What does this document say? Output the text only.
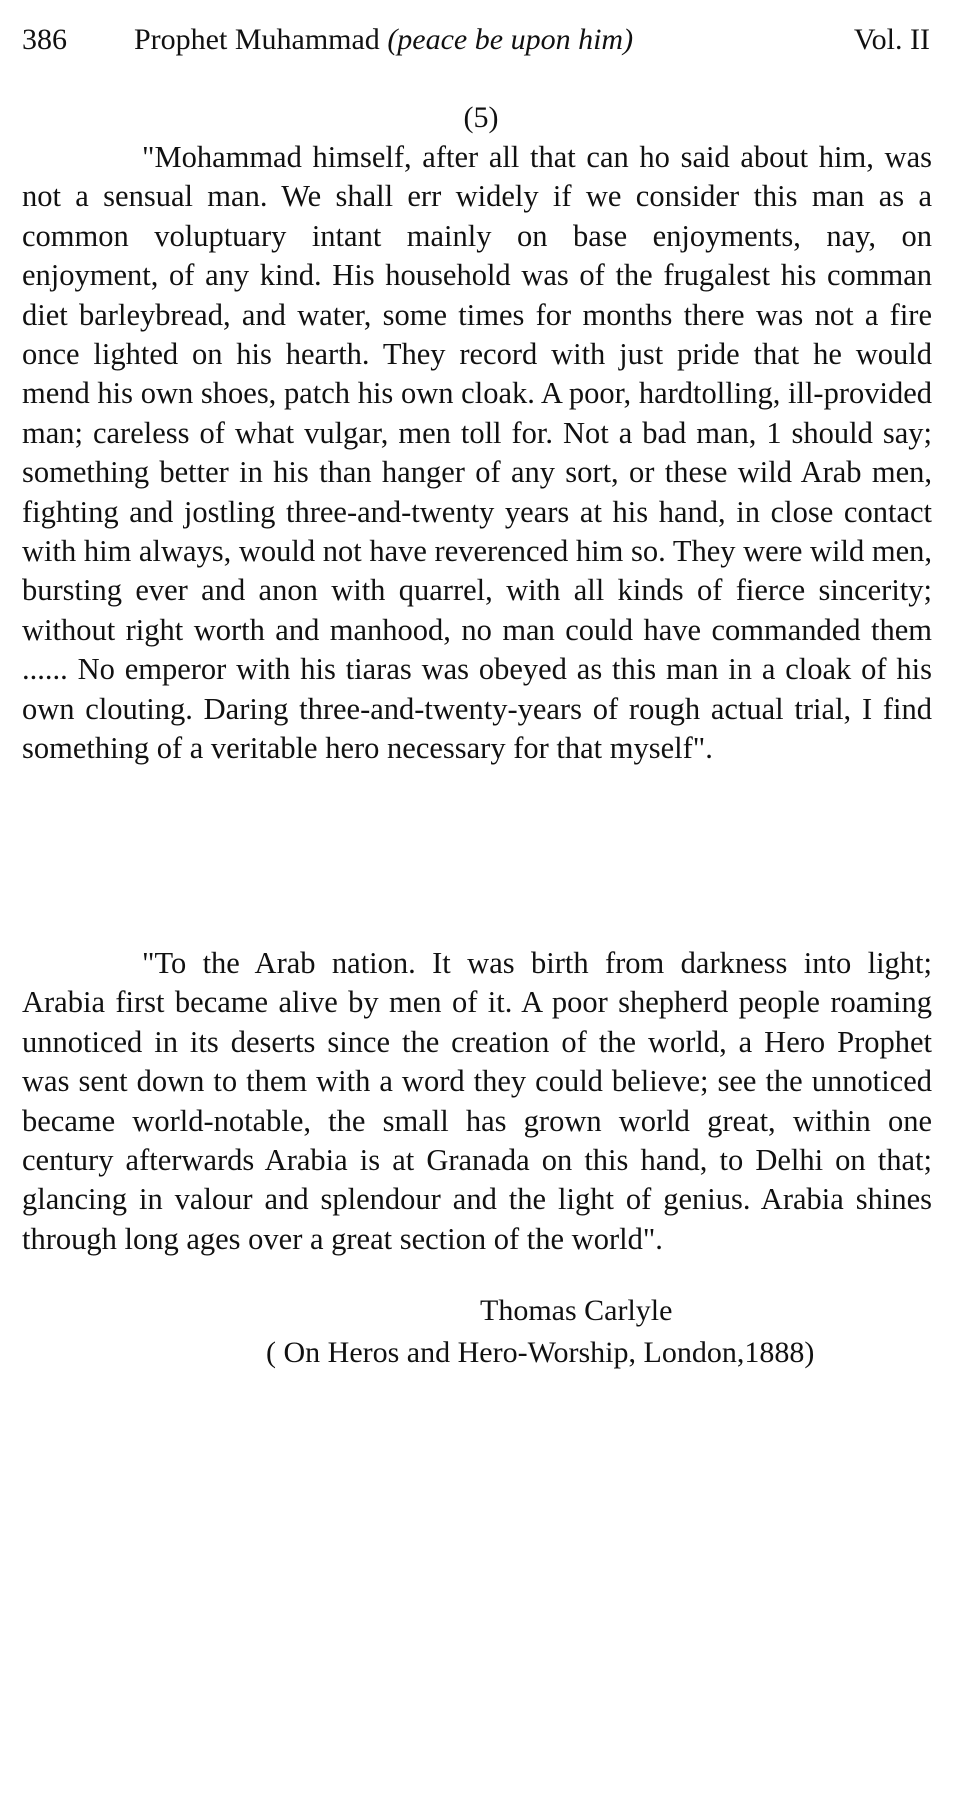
386 Prophet Muhammad (peace be upon him)	Vol. II
(5)

"Mohammad himself, after all that can ho said about him, was not a sensual man. We shall err widely if we consider this man as a common voluptuary intant mainly on base enjoyments, nay, on enjoyment, of any kind. His household was of the frugalest his comman diet barleybread, and water, some times for months there was not a fire once lighted on his hearth. They record with just pride that he would mend his own shoes, patch his own cloak. A poor, hardtolling, ill-provided man; careless of what vulgar, men toll for. Not a bad man, 1 should say; something better in his than hanger of any sort, or these wild Arab men, fighting and jostling three-and-twenty years at his hand, in close contact with him always, would not have reverenced him so. They were wild men, bursting ever and anon with quarrel, with all kinds of fierce sincerity; without right worth and manhood, no man could have commanded them ...... No emperor with his tiaras was obeyed as this man in a cloak of his own clouting. Daring three-and-twenty-years of rough actual trial, I find something of a veritable hero necessary for that myself".

"To the Arab nation. It was birth from darkness into light; Arabia first became alive by men of it. A poor shepherd people roaming unnoticed in its deserts since the creation of the world, a Hero Prophet was sent down to them with a word they could believe; see the unnoticed became world-notable, the small has grown world great, within one century afterwards Arabia is at Granada on this hand, to Delhi on that; glancing in valour and splendour and the light of genius. Arabia shines through long ages over a great section of the world".

Thomas Carlyle
( On Heros and Hero-Worship, London,1888)
